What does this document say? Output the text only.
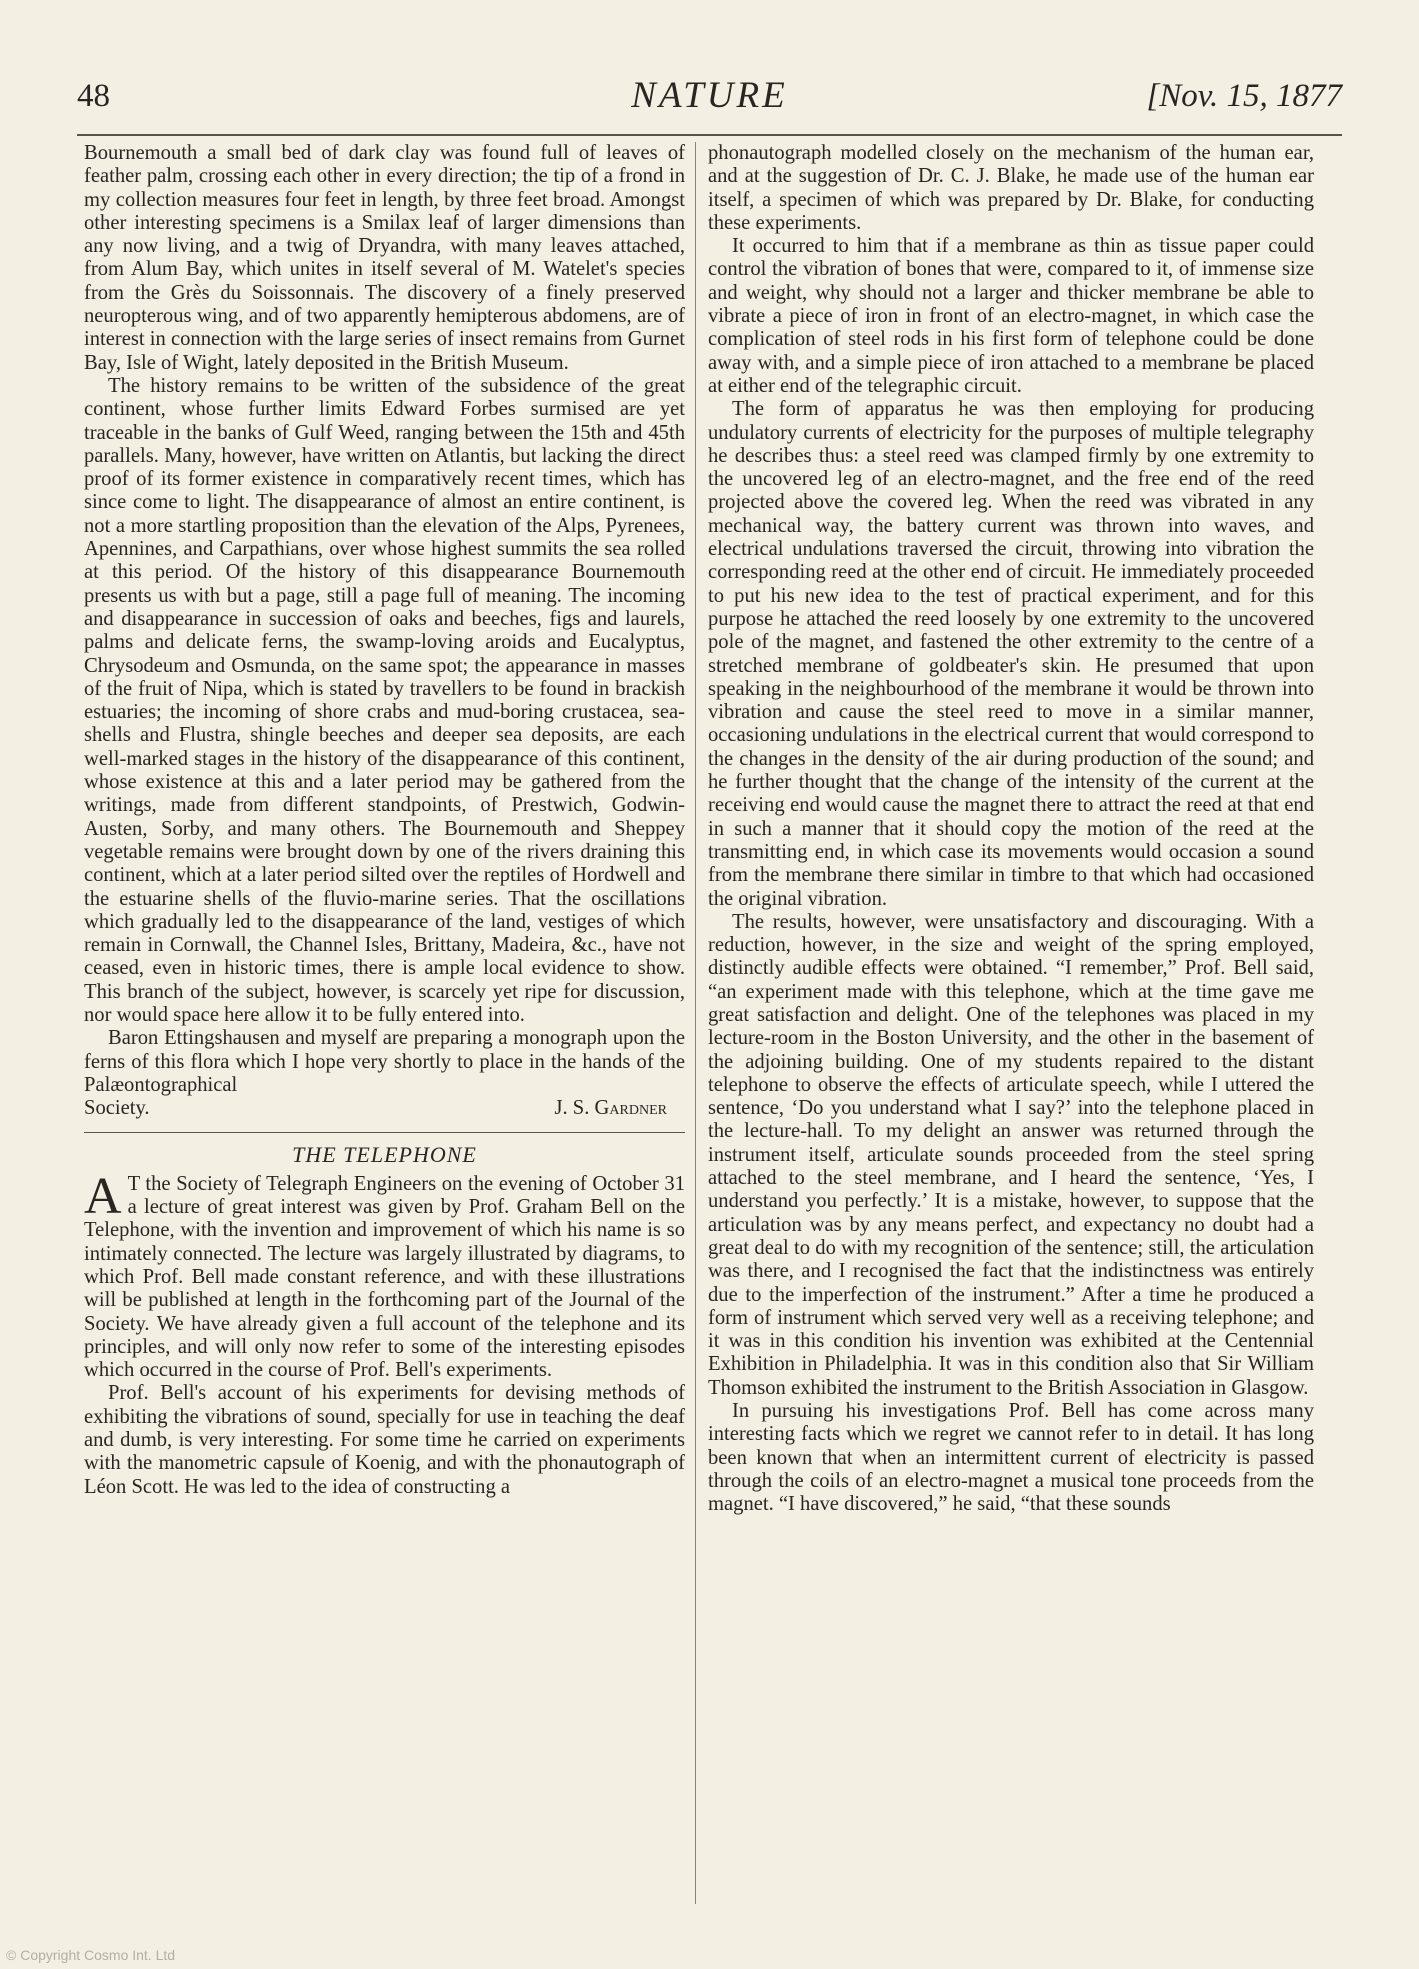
48	NATURE	[Nov. 15, 1877

Bournemouth a small bed of dark clay was found full of leaves of feather palm, crossing each other in every direction; the tip of a frond in my collection measures four feet in length, by three feet broad. Amongst other interesting specimens is a Smilax leaf of larger dimensions than any now living, and a twig of Dryandra, with many leaves attached, from Alum Bay, which unites in itself several of M. Watelet's species from the Grès du Soissonnais. The discovery of a finely preserved neuropterous wing, and of two apparently hemipterous abdomens, are of interest in connection with the large series of insect remains from Gurnet Bay, Isle of Wight, lately deposited in the British Museum.

The history remains to be written of the subsidence of the great continent, whose further limits Edward Forbes surmised are yet traceable in the banks of Gulf Weed, ranging between the 15th and 45th parallels. Many, however, have written on Atlantis, but lacking the direct proof of its former existence in comparatively recent times, which has since come to light. The disappearance of almost an entire continent, is not a more startling proposition than the elevation of the Alps, Pyrenees, Apennines, and Carpathians, over whose highest summits the sea rolled at this period. Of the history of this disappearance Bournemouth presents us with but a page, still a page full of meaning. The incoming and disappearance in succession of oaks and beeches, figs and laurels, palms and delicate ferns, the swamp-loving aroids and Eucalyptus, Chrysodeum and Osmunda, on the same spot; the appearance in masses of the fruit of Nipa, which is stated by travellers to be found in brackish estuaries; the incoming of shore crabs and mud-boring crustacea, sea-shells and Flustra, shingle beeches and deeper sea deposits, are each well-marked stages in the history of the disappearance of this continent, whose existence at this and a later period may be gathered from the writings, made from different standpoints, of Prestwich, Godwin-Austen, Sorby, and many others. The Bournemouth and Sheppey vegetable remains were brought down by one of the rivers draining this continent, which at a later period silted over the reptiles of Hordwell and the estuarine shells of the fluvio-marine series. That the oscillations which gradually led to the disappearance of the land, vestiges of which remain in Cornwall, the Channel Isles, Brittany, Madeira, &c., have not ceased, even in historic times, there is ample local evidence to show. This branch of the subject, however, is scarcely yet ripe for discussion, nor would space here allow it to be fully entered into.

Baron Ettingshausen and myself are preparing a monograph upon the ferns of this flora which I hope very shortly to place in the hands of the Palæontographical

Society.	J. S. Gardner

THE TELEPHONE

A T the Society of Telegraph Engineers on the evening of October 31 a lecture of great interest was given by Prof. Graham Bell on the Telephone, with the invention and improvement of which his name is so intimately connected. The lecture was largely illustrated by diagrams, to which Prof. Bell made constant reference, and with these illustrations will be published at length in the forthcoming part of the Journal of the Society. We have already given a full account of the telephone and its principles, and will only now refer to some of the interesting episodes which occurred in the course of Prof. Bell's experiments.

Prof. Bell's account of his experiments for devising methods of exhibiting the vibrations of sound, specially for use in teaching the deaf and dumb, is very interesting. For some time he carried on experiments with the manometric capsule of Koenig, and with the phonautograph of Léon Scott. He was led to the idea of constructing a

phonautograph modelled closely on the mechanism of the human ear, and at the suggestion of Dr. C. J. Blake, he made use of the human ear itself, a specimen of which was prepared by Dr. Blake, for conducting these experiments.

It occurred to him that if a membrane as thin as tissue paper could control the vibration of bones that were, compared to it, of immense size and weight, why should not a larger and thicker membrane be able to vibrate a piece of iron in front of an electro-magnet, in which case the complication of steel rods in his first form of telephone could be done away with, and a simple piece of iron attached to a membrane be placed at either end of the telegraphic circuit.

The form of apparatus he was then employing for producing undulatory currents of electricity for the purposes of multiple telegraphy he describes thus: a steel reed was clamped firmly by one extremity to the uncovered leg of an electro-magnet, and the free end of the reed projected above the covered leg. When the reed was vibrated in any mechanical way, the battery current was thrown into waves, and electrical undulations traversed the circuit, throwing into vibration the corresponding reed at the other end of circuit. He immediately proceeded to put his new idea to the test of practical experiment, and for this purpose he attached the reed loosely by one extremity to the uncovered pole of the magnet, and fastened the other extremity to the centre of a stretched membrane of goldbeater's skin. He presumed that upon speaking in the neighbourhood of the membrane it would be thrown into vibration and cause the steel reed to move in a similar manner, occasioning undulations in the electrical current that would correspond to the changes in the density of the air during production of the sound; and he further thought that the change of the intensity of the current at the receiving end would cause the magnet there to attract the reed at that end in such a manner that it should copy the motion of the reed at the transmitting end, in which case its movements would occasion a sound from the membrane there similar in timbre to that which had occasioned the original vibration.

The results, however, were unsatisfactory and discouraging. With a reduction, however, in the size and weight of the spring employed, distinctly audible effects were obtained. “I remember,” Prof. Bell said, “an experiment made with this telephone, which at the time gave me great satisfaction and delight. One of the telephones was placed in my lecture-room in the Boston University, and the other in the basement of the adjoining building. One of my students repaired to the distant telephone to observe the effects of articulate speech, while I uttered the sentence, ‘Do you understand what I say?’ into the telephone placed in the lecture-hall. To my delight an answer was returned through the instrument itself, articulate sounds proceeded from the steel spring attached to the steel membrane, and I heard the sentence, ‘Yes, I understand you perfectly.’ It is a mistake, however, to suppose that the articulation was by any means perfect, and expectancy no doubt had a great deal to do with my recognition of the sentence; still, the articulation was there, and I recognised the fact that the indistinctness was entirely due to the imperfection of the instrument.” After a time he produced a form of instrument which served very well as a receiving telephone; and it was in this condition his invention was exhibited at the Centennial Exhibition in Philadelphia. It was in this condition also that Sir William Thomson exhibited the instrument to the British Association in Glasgow.

In pursuing his investigations Prof. Bell has come across many interesting facts which we regret we cannot refer to in detail. It has long been known that when an intermittent current of electricity is passed through the coils of an electro-magnet a musical tone proceeds from the magnet. “I have discovered,” he said, “that these sounds

© Copyright Cosmo Int. Ltd
